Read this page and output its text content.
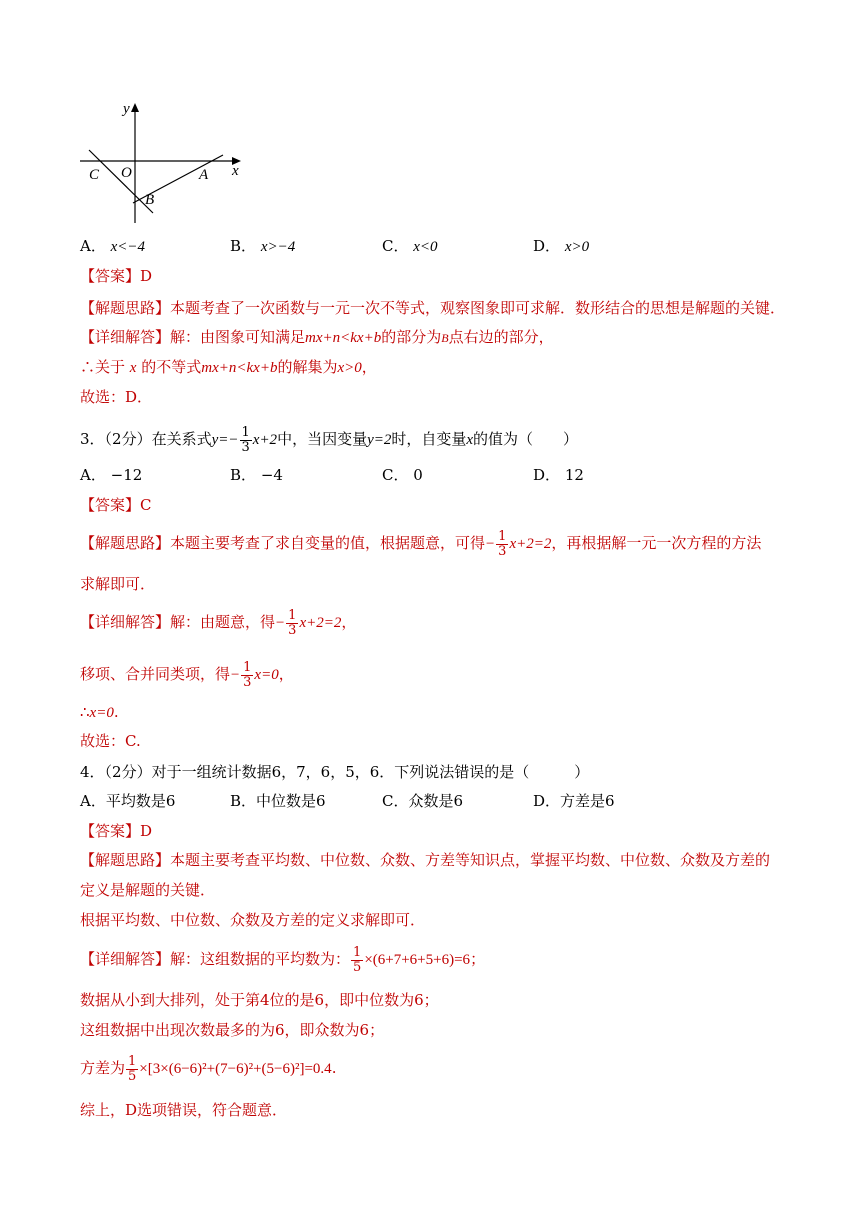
y
x
C O	A
B
A． x<−4	B． x>−4	C． x<0	D． x>0
【答案】D
【解题思路】本题考查了一次函数与一元一次不等式，观察图象即可求解．数形结合的思想是解题的关键．
【详细解答】解：由图象可知满足mx+n<kx+b的部分为B点右边的部分，
∴关于 x 的不等式mx+n<kx+b的解集为x>0，
故选：D．
3．（2分）在关系式$y=- \frac{1}{3} x+2$中，当因变量y=2时，自变量x的值为（　　）
A． −12	B． −4	C． 0	D． 12
【答案】C
【解题思路】本题主要考查了求自变量的值，根据题意，可得− $\frac{1}{3} x+2=2$，再根据解一元一次方程的方法
求解即可．
【详细解答】解：由题意，得− $\frac{1}{3} x+2=2$，
移项、合并同类项，得− $\frac{1}{3} x=0$，
∴x=0.
故选：C.
4．（2分）对于一组统计数据6，7，6，5，6．下列说法错误的是（　　　）
A．平均数是6	B．中位数是6	C．众数是6	D．方差是6
【答案】D
【解题思路】本题主要考查平均数、中位数、众数、方差等知识点，掌握平均数、中位数、众数及方差的
定义是解题的关键．
根据平均数、中位数、众数及方差的定义求解即可．
【详细解答】解：这组数据的平均数为： $\frac{1}{5} \times(6+7+6+5+6)=6$；
数据从小到大排列，处于第4位的是6，即中位数为6；
这组数据中出现次数最多的为6，即众数为6；
方差为 $\frac{1}{5} \times[3\times(6-6)^2+(7-6)^2+(5-6)^2]=0.4$.
综上，D选项错误，符合题意．
